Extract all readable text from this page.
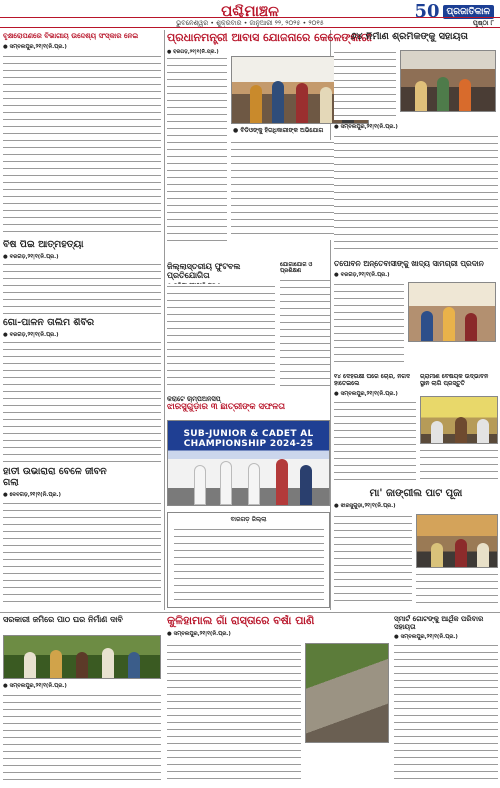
ପଶ୍ଚିମାଞ୍ଚଳ	50 ପ୍ରଜାତିକାଳ
ଭୁବନେଶ୍ୱର • ଶୁକ୍ରବାର • ଜାନୁଆରୀ ୨୨, ୨୦୨୫ • ୨୦୧୫	ପୃଷ୍ଠା ୮
ବୃକ୍ଷରୋପଣରେ ବିଭାଗୀୟ ଉଦ୍ଦେଶ୍ୟ ସଂସ୍କାର ନେଇ
● ସମ୍ବଲପୁର,୨୧|୧(ନି.ପ୍ର.)
ପ୍ରଧାନମନ୍ତ୍ରୀ ଆବାସ ଯୋଜନାରେ କେଳେଙ୍କାରୀ
● ବରଗଡ଼,୨୧|୧(ନି.ପ୍ର.)
● ବିଡିଓଙ୍କୁ ହିତାଧିକାରୀଙ୍କ ଅଭିଯୋଗ
୬୪ ନିର୍ମାଣ ଶ୍ରମିକଙ୍କୁ ସହାୟତା
● ସମ୍ବଲପୁର,୨୧|୧(ନି.ପ୍ର.)
ବିଷ ପିଇ ଆତ୍ମହତ୍ୟା
● ବରଗଡ଼,୨୧|୧(ନି.ପ୍ର.)
ଜିଲ୍ଲାସ୍ତରୀୟ ଫୁଟବଲ ପ୍ରତିଯୋଗିତା
ଯୋଗାଯୋଗ ଓ ପ୍ରଶିକ୍ଷଣ
ତପୋବନ ଅନ୍ତେବାସୀଙ୍କୁ ଖାଦ୍ୟ ସାମଗ୍ରୀ ପ୍ରଦାନ
● ବରଗଡ଼,୨୧|୧(ନି.ପ୍ର.)
ଗୋ-ପାଳନ ତାଲିମ ଶିବିର
● ବରଗଡ଼,୨୧|୧(ନି.ପ୍ର.)
କରାଟେ ଚାମ୍ପିଅନସିପ୍
ଝାରସୁଗୁଡ଼ାର ୩ ଛାତ୍ରୀଙ୍କ ସଫଳତା
SUB-JUNIOR & CADET AL CHAMPIONSHIP 2024-25
୧୪ ଦେହରକ୍ଷୀ ଘରେ ଚୋରି, ନଗଦ ହାତେଇଲେ
● ସମ୍ବଲପୁର,୨୧|୧(ନି.ପ୍ର.)
ଗ୍ରାମୀଣ ବୈଷୟିକ ଉଦ୍ଭାବନ ସ୍ଥାନ ଲାଗି ପ୍ରସ୍ତୁତି
ହାତୀ ଉଭାରାରା ବେଳେ ଜୀବନ ଗଲା
● ଦେବଗଡ଼,୨୧|୧(ନି.ପ୍ର.)	ମା' ଜାଙ୍ଗୀଲ ପାଟ ପୂଜା
● ଝାରସୁଗୁଡ଼ା,୨୧|୧(ନି.ପ୍ର.)
ବାରଗଡ଼ ଜିଲ୍ଲା
ସରକାରୀ ଜମିରେ ପାଠ ଘର ନିର୍ମାଣ ଦାବି
● ସମ୍ବଲପୁର,୨୧|୧(ନି.ପ୍ର.)
କୁଳିହାମାଲ ଗାଁ ରାସ୍ତାରେ ବର୍ଷା ପାଣି
● ସମ୍ବଲପୁର,୨୧|୧(ନି.ପ୍ର.)
ସ୍ମାର୍ଟ ଗୋଟଙ୍କୁ ଆର୍ଥିକ ପରିବାର ସହାୟତା
● ସମ୍ବଲପୁର,୨୧|୧(ନି.ପ୍ର.)
